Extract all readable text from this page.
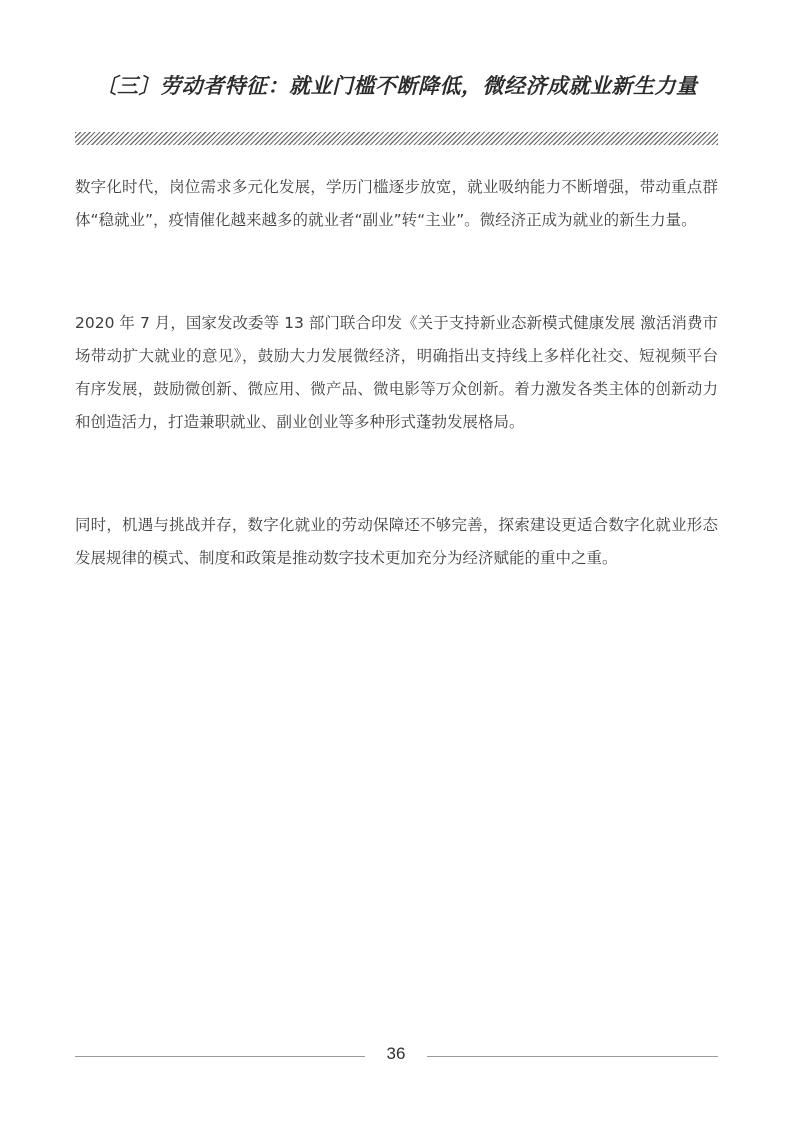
〔三〕劳动者特征：就业门槛不断降低，微经济成就业新生力量

数字化时代，岗位需求多元化发展，学历门槛逐步放宽，就业吸纳能力不断增强，带动重点群体“稳就业”，疫情催化越来越多的就业者“副业”转“主业”。微经济正成为就业的新生力量。

2020 年 7 月，国家发改委等 13 部门联合印发《关于支持新业态新模式健康发展 激活消费市场带动扩大就业的意见》，鼓励大力发展微经济，明确指出支持线上多样化社交、短视频平台有序发展，鼓励微创新、微应用、微产品、微电影等万众创新。着力激发各类主体的创新动力和创造活力，打造兼职就业、副业创业等多种形式蓬勃发展格局。

同时，机遇与挑战并存，数字化就业的劳动保障还不够完善，探索建设更适合数字化就业形态发展规律的模式、制度和政策是推动数字技术更加充分为经济赋能的重中之重。

36
